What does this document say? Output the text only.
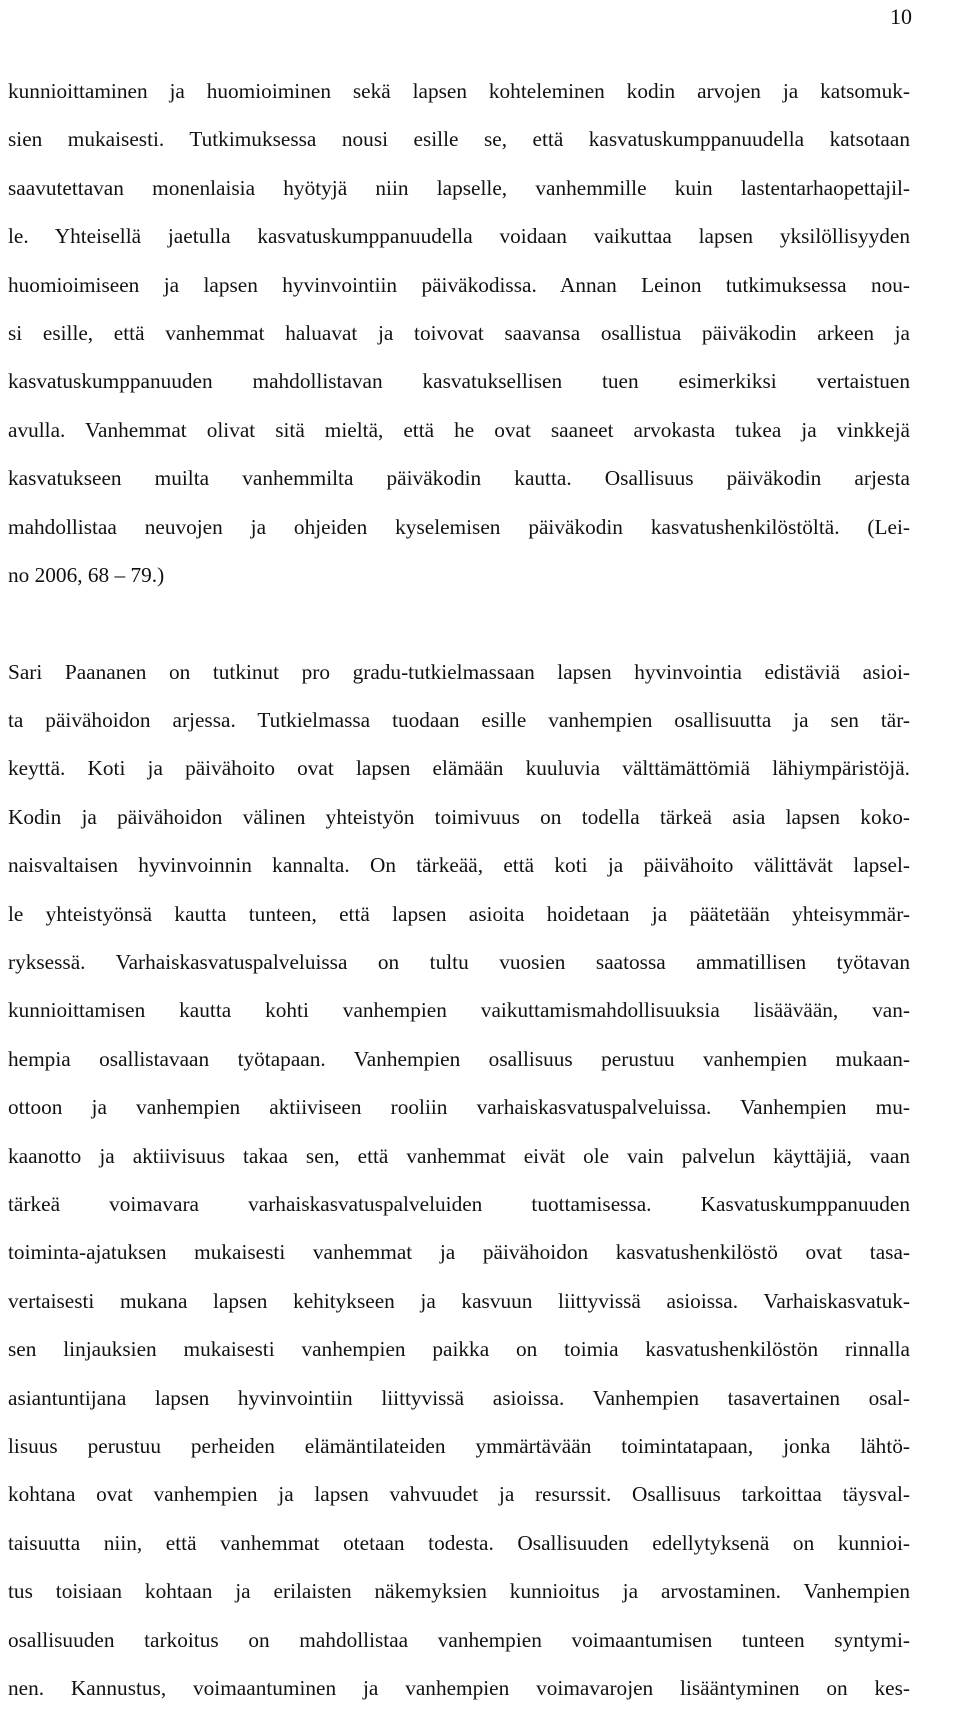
10
kunnioittaminen ja huomioiminen sekä lapsen kohteleminen kodin arvojen ja katsomuk-
sien mukaisesti. Tutkimuksessa nousi esille se, että kasvatuskumppanuudella katsotaan
saavutettavan monenlaisia hyötyjä niin lapselle, vanhemmille kuin lastentarhaopettajil-
le. Yhteisellä jaetulla kasvatuskumppanuudella voidaan vaikuttaa lapsen yksilöllisyyden
huomioimiseen ja lapsen hyvinvointiin päiväkodissa. Annan Leinon tutkimuksessa nou-
si esille, että vanhemmat haluavat ja toivovat saavansa osallistua päiväkodin arkeen ja
kasvatuskumppanuuden mahdollistavan kasvatuksellisen tuen esimerkiksi vertaistuen
avulla. Vanhemmat olivat sitä mieltä, että he ovat saaneet arvokasta tukea ja vinkkejä
kasvatukseen muilta vanhemmilta päiväkodin kautta. Osallisuus päiväkodin arjesta
mahdollistaa neuvojen ja ohjeiden kyselemisen päiväkodin kasvatushenkilöstöltä. (Lei-
no 2006, 68 – 79.)
Sari Paananen on tutkinut pro gradu-tutkielmassaan lapsen hyvinvointia edistäviä asioi-
ta päivähoidon arjessa. Tutkielmassa tuodaan esille vanhempien osallisuutta ja sen tär-
keyttä. Koti ja päivähoito ovat lapsen elämään kuuluvia välttämättömiä lähiympäristöjä.
Kodin ja päivähoidon välinen yhteistyön toimivuus on todella tärkeä asia lapsen koko-
naisvaltaisen hyvinvoinnin kannalta. On tärkeää, että koti ja päivähoito välittävät lapsel-
le yhteistyönsä kautta tunteen, että lapsen asioita hoidetaan ja päätetään yhteisymmär-
ryksessä. Varhaiskasvatuspalveluissa on tultu vuosien saatossa ammatillisen työtavan
kunnioittamisen kautta kohti vanhempien vaikuttamismahdollisuuksia lisäävään, van-
hempia osallistavaan työtapaan. Vanhempien osallisuus perustuu vanhempien mukaan-
ottoon ja vanhempien aktiiviseen rooliin varhaiskasvatuspalveluissa. Vanhempien mu-
kaanotto ja aktiivisuus takaa sen, että vanhemmat eivät ole vain palvelun käyttäjiä, vaan
tärkeä voimavara varhaiskasvatuspalveluiden tuottamisessa. Kasvatuskumppanuuden
toiminta-ajatuksen mukaisesti vanhemmat ja päivähoidon kasvatushenkilöstö ovat tasa-
vertaisesti mukana lapsen kehitykseen ja kasvuun liittyvissä asioissa. Varhaiskasvatuk-
sen linjauksien mukaisesti vanhempien paikka on toimia kasvatushenkilöstön rinnalla
asiantuntijana lapsen hyvinvointiin liittyvissä asioissa. Vanhempien tasavertainen osal-
lisuus perustuu perheiden elämäntilateiden ymmärtävään toimintatapaan, jonka lähtö-
kohtana ovat vanhempien ja lapsen vahvuudet ja resurssit. Osallisuus tarkoittaa täysval-
taisuutta niin, että vanhemmat otetaan todesta. Osallisuuden edellytyksenä on kunnioi-
tus toisiaan kohtaan ja erilaisten näkemyksien kunnioitus ja arvostaminen. Vanhempien
osallisuuden tarkoitus on mahdollistaa vanhempien voimaantumisen tunteen syntymi-
nen. Kannustus, voimaantuminen ja vanhempien voimavarojen lisääntyminen on kes-
